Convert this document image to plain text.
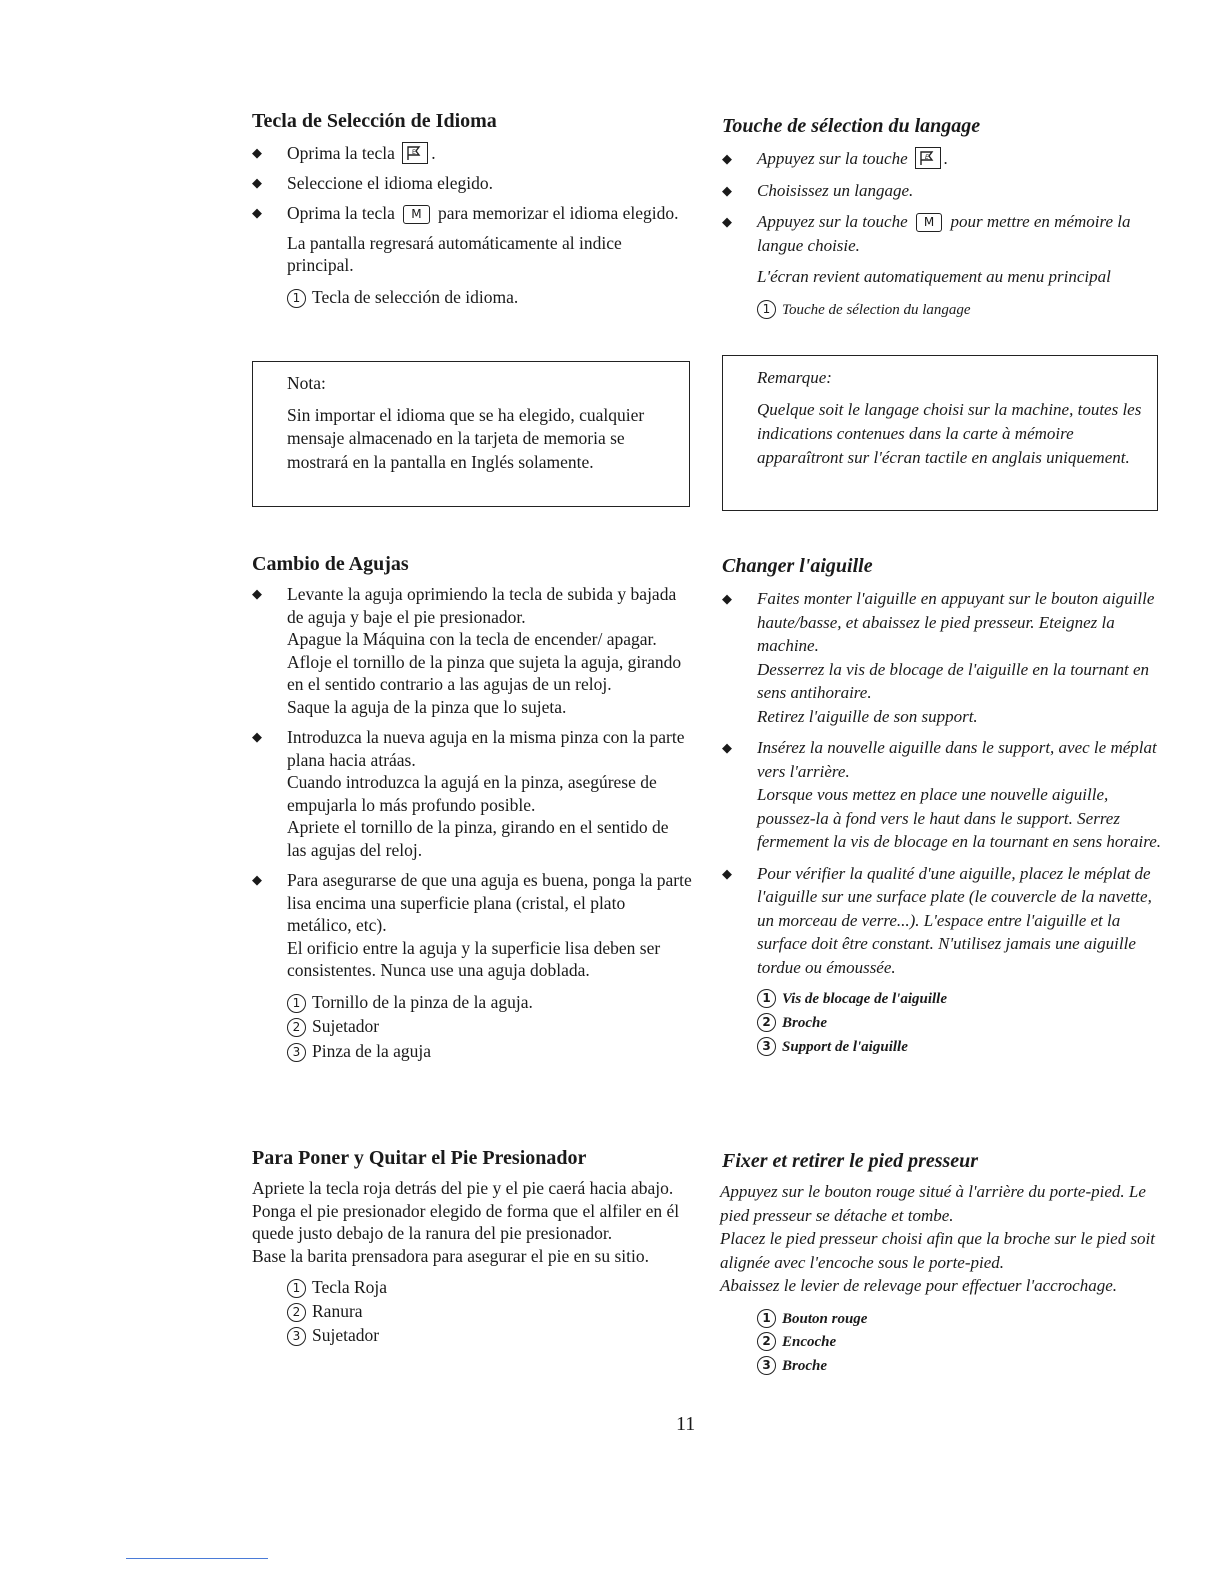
Tecla de Selección de Idioma
◆ Oprima la tecla	E .
◆ Seleccione el idioma elegido.
◆ Oprima la tecla M para memorizar el idioma elegido.

La pantalla regresará automáticamente al indice principal.

1 Tecla de selección de idioma.

Nota:

Sin importar el idioma que se ha elegido, cualquier mensaje almacenado en la tarjeta de memoria se mostrará en la pantalla en Inglés solamente.

Cambio de Agujas
◆ Levante la aguja oprimiendo la tecla de subida y bajada de aguja y baje el pie presionador.

Apague la Máquina con la tecla de encender/ apagar.

Afloje el tornillo de la pinza que sujeta la aguja, girando en el sentido contrario a las agujas de un reloj.

Saque la aguja de la pinza que lo sujeta.

◆ Introduzca la nueva aguja en la misma pinza con la parte plana hacia atráas.

Cuando introduzca la agujá en la pinza, asegúrese de empujarla lo más profundo posible.

Apriete el tornillo de la pinza, girando en el sentido de las agujas del reloj.

◆ Para asegurarse de que una aguja es buena, ponga la parte lisa encima una superficie plana (cristal, el plato metálico, etc).

El orificio entre la aguja y la superficie lisa deben ser consistentes. Nunca use una aguja doblada.

1 Tornillo de la pinza de la aguja.
2 Sujetador
3 Pinza de la aguja
Para Poner y Quitar el Pie Presionador

Apriete la tecla roja detrás del pie y el pie caerá hacia abajo.

Ponga el pie presionador elegido de forma que el alfiler en él quede justo debajo de la ranura del pie presionador.

Base la barita prensadora para asegurar el pie en su sitio.

1 Tecla Roja
2 Ranura
3 Sujetador
Touche de sélection du langage
◆ Appuyez sur la touche	E .
◆ Choisissez un langage.
◆ Appuyez sur la touche M pour mettre en mémoire la langue choisie.

L'écran revient automatiquement au menu principal

1 Touche de sélection du langage

Remarque:

Quelque soit le langage choisi sur la machine, toutes les indications contenues dans la carte à mémoire apparaîtront sur l'écran tactile en anglais uniquement.

Changer l'aiguille
◆ Faites monter l'aiguille en appuyant sur le bouton aiguille haute/basse, et abaissez le pied presseur. Eteignez la machine.

Desserrez la vis de blocage de l'aiguille en la tournant en sens antihoraire.

Retirez l'aiguille de son support.

◆ Insérez la nouvelle aiguille dans le support, avec le méplat vers l'arrière.

Lorsque vous mettez en place une nouvelle aiguille, poussez-la à fond vers le haut dans le support. Serrez fermement la vis de blocage en la tournant en sens horaire.

◆ Pour vérifier la qualité d'une aiguille, placez le méplat de l'aiguille sur une surface plate (le couvercle de la navette, un morceau de verre...). L'espace entre l'aiguille et la surface doit être constant. N'utilisez jamais une aiguille tordue ou émoussée.

1 Vis de blocage de l'aiguille
2 Broche
3 Support de l'aiguille
Fixer et retirer le pied presseur

Appuyez sur le bouton rouge situé à l'arrière du porte-pied. Le pied presseur se détache et tombe.

Placez le pied presseur choisi afin que la broche sur le pied soit alignée avec l'encoche sous le porte-pied.

Abaissez le levier de relevage pour effectuer l'accrochage.

1 Bouton rouge
2 Encoche
3 Broche
11
